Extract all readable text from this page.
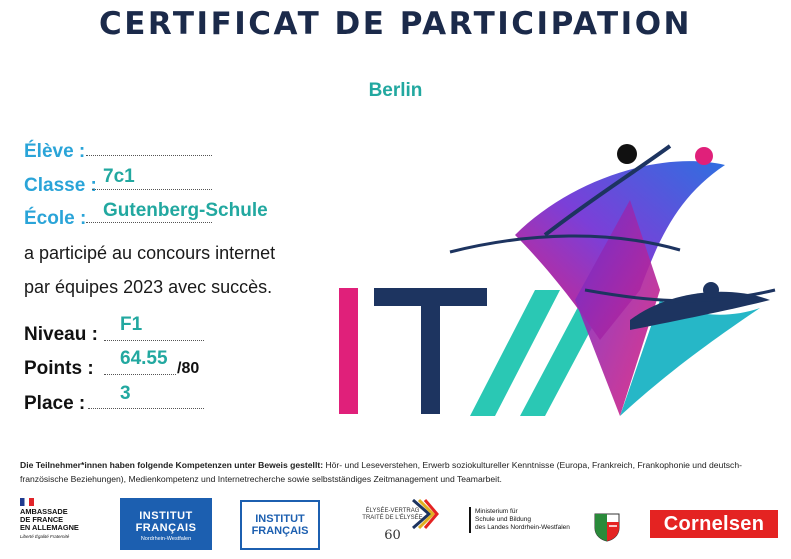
CERTIFICAT DE PARTICIPATION
Berlin
Élève :
Classe : 7c1
École : Gutenberg-Schule
a participé au concours internet
par équipes 2023 avec succès.
Niveau : F1
Points : 64.55 /80
Place : 3
Die Teilnehmer*innen haben folgende Kompetenzen unter Beweis gestellt: Hör- und Leseverstehen, Erwerb soziokultureller Kenntnisse (Europa, Frankreich, Frankophonie und deutsch-französische Beziehungen), Medienkompetenz und Internetrecherche sowie selbstständiges Zeitmanagement und Teamarbeit.
AMBASSADE
DE FRANCE
EN ALLEMAGNE
Liberté Égalité Fraternité
INSTITUT
FRANÇAIS
Nordrhein-Westfalen
INSTITUT
FRANÇAIS
ÉLYSÉE-VERTRAG
TRAITÉ DE L'ÉLYSÉE
60
Ministerium für
Schule und Bildung
des Landes Nordrhein-Westfalen	Cornelsen
